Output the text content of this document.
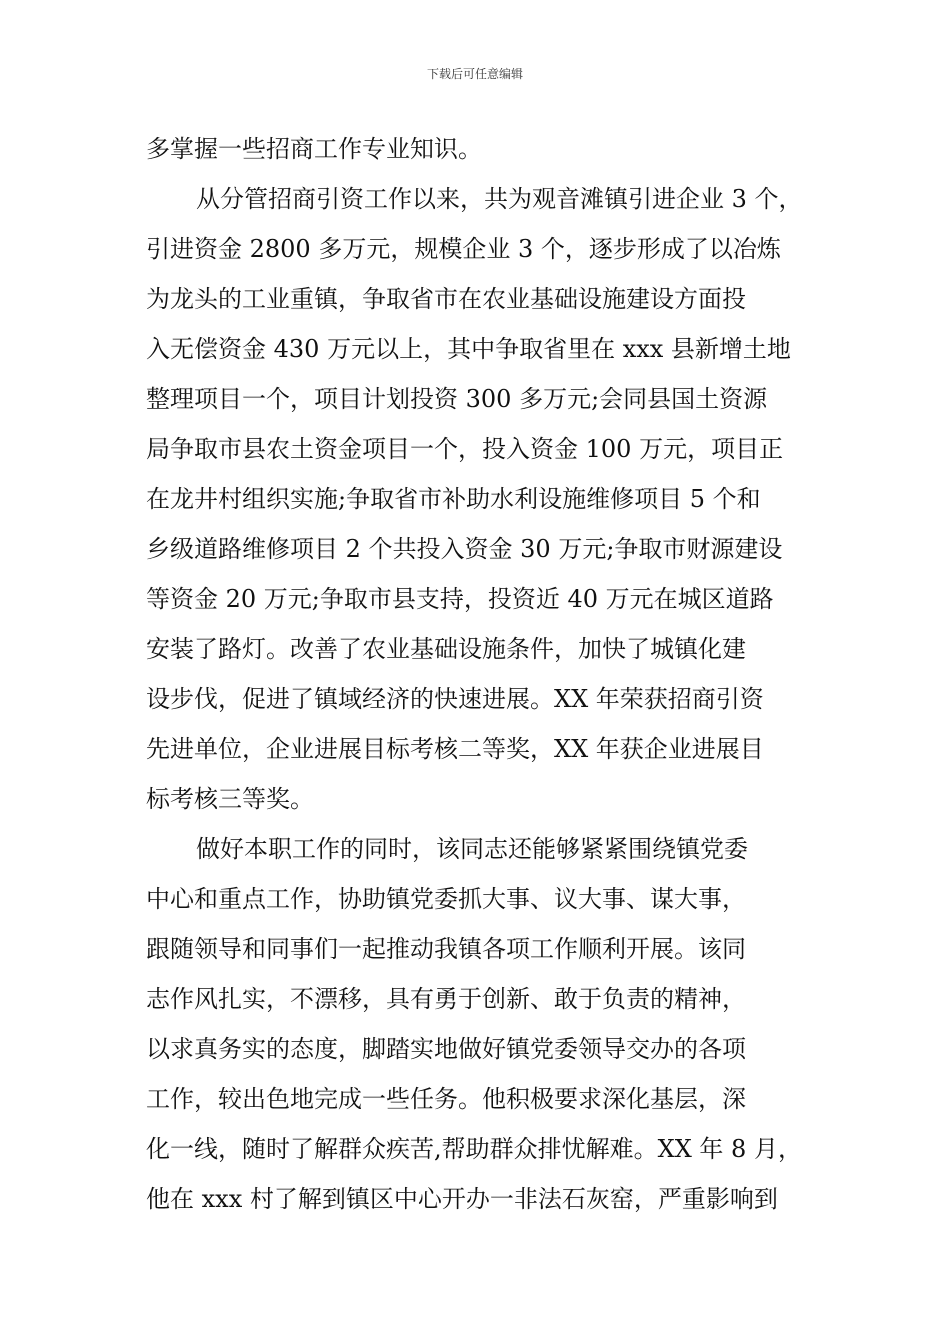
下载后可任意编辑
多掌握一些招商工作专业知识。
从分管招商引资工作以来，共为观音滩镇引进企业 3 个，
引进资金 2800 多万元，规模企业 3 个，逐步形成了以冶炼
为龙头的工业重镇，争取省市在农业基础设施建设方面投
入无偿资金 430 万元以上，其中争取省里在 xxx 县新增土地
整理项目一个，项目计划投资 300 多万元;会同县国土资源
局争取市县农土资金项目一个，投入资金 100 万元，项目正
在龙井村组织实施;争取省市补助水利设施维修项目 5 个和
乡级道路维修项目 2 个共投入资金 30 万元;争取市财源建设
等资金 20 万元;争取市县支持，投资近 40 万元在城区道路
安装了路灯。改善了农业基础设施条件，加快了城镇化建
设步伐，促进了镇域经济的快速进展。XX 年荣获招商引资
先进单位，企业进展目标考核二等奖，XX 年获企业进展目
标考核三等奖。
做好本职工作的同时，该同志还能够紧紧围绕镇党委
中心和重点工作，协助镇党委抓大事、议大事、谋大事，
跟随领导和同事们一起推动我镇各项工作顺利开展。该同
志作风扎实，不漂移，具有勇于创新、敢于负责的精神，
以求真务实的态度，脚踏实地做好镇党委领导交办的各项
工作，较出色地完成一些任务。他积极要求深化基层，深
化一线，随时了解群众疾苦,帮助群众排忧解难。XX 年 8 月，
他在 xxx 村了解到镇区中心开办一非法石灰窑，严重影响到
